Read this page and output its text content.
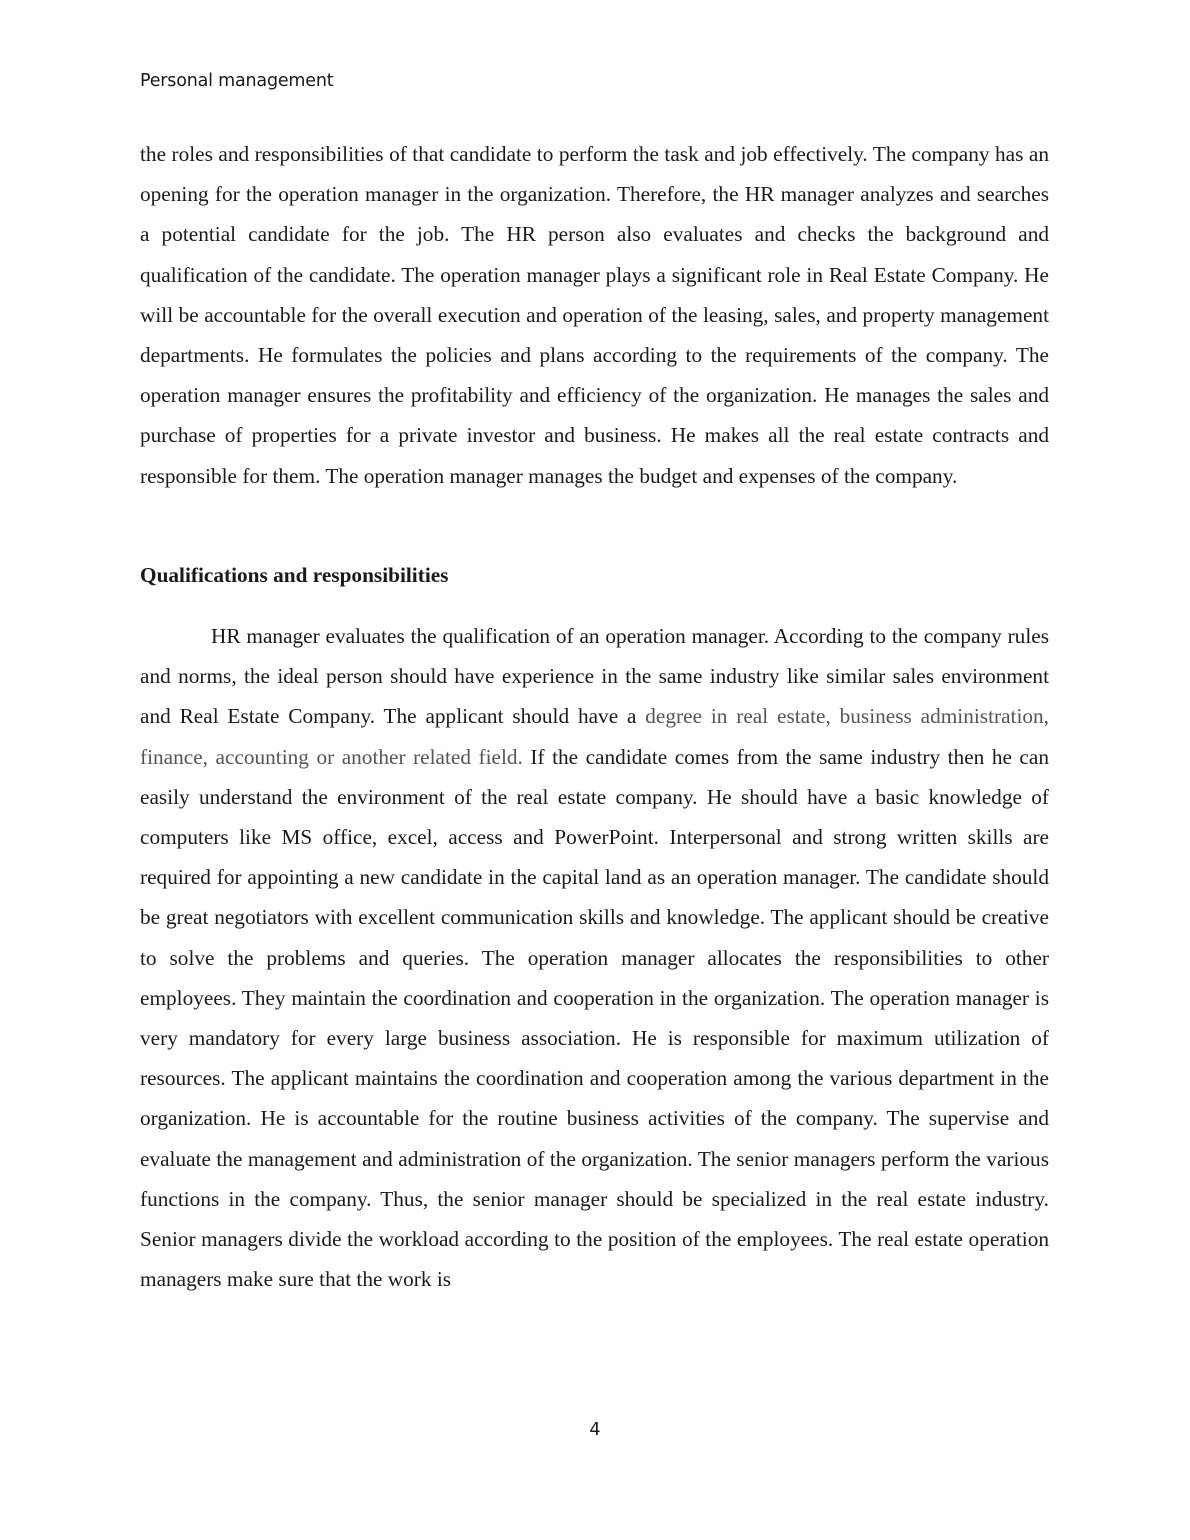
Personal management

the roles and responsibilities of that candidate to perform the task and job effectively. The company has an opening for the operation manager in the organization. Therefore, the HR manager analyzes and searches a potential candidate for the job. The HR person also evaluates and checks the background and qualification of the candidate. The operation manager plays a significant role in Real Estate Company. He will be accountable for the overall execution and operation of the leasing, sales, and property management departments. He formulates the policies and plans according to the requirements of the company. The operation manager ensures the profitability and efficiency of the organization. He manages the sales and purchase of properties for a private investor and business. He makes all the real estate contracts and responsible for them. The operation manager manages the budget and expenses of the company.

Qualifications and responsibilities

HR manager evaluates the qualification of an operation manager. According to the company rules and norms, the ideal person should have experience in the same industry like similar sales environment and Real Estate Company. The applicant should have a degree in real estate, business administration, finance, accounting or another related field. If the candidate comes from the same industry then he can easily understand the environment of the real estate company. He should have a basic knowledge of computers like MS office, excel, access and PowerPoint. Interpersonal and strong written skills are required for appointing a new candidate in the capital land as an operation manager. The candidate should be great negotiators with excellent communication skills and knowledge. The applicant should be creative to solve the problems and queries. The operation manager allocates the responsibilities to other employees. They maintain the coordination and cooperation in the organization. The operation manager is very mandatory for every large business association. He is responsible for maximum utilization of resources. The applicant maintains the coordination and cooperation among the various department in the organization. He is accountable for the routine business activities of the company. The supervise and evaluate the management and administration of the organization. The senior managers perform the various functions in the company. Thus, the senior manager should be specialized in the real estate industry. Senior managers divide the workload according to the position of the employees. The real estate operation managers make sure that the work is

4
